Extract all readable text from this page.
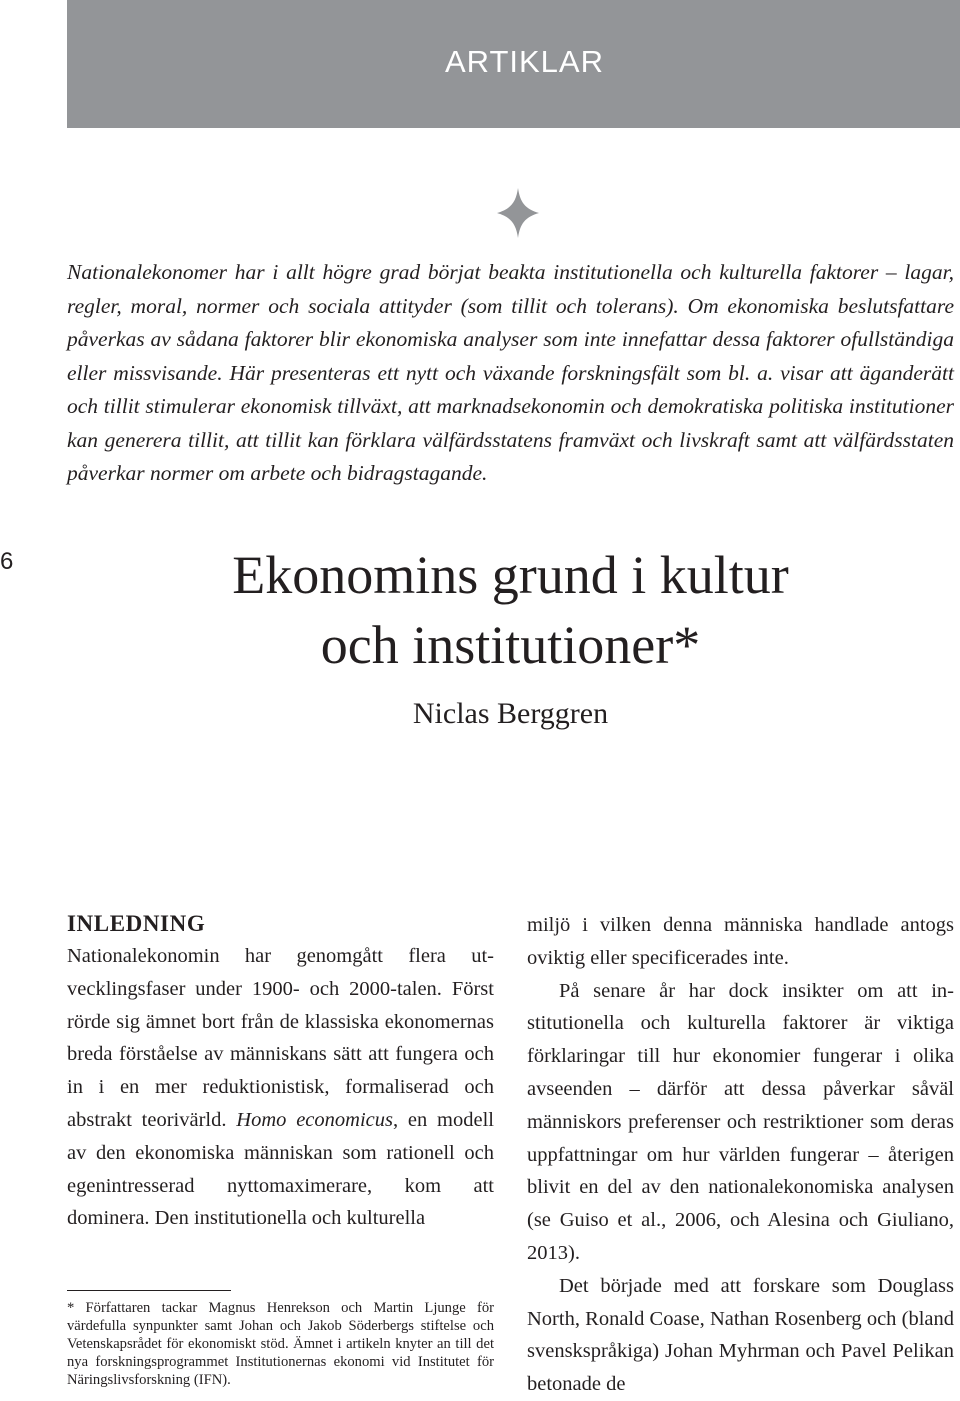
ARTIKLAR

Nationalekonomer har i allt högre grad börjat beakta institutionella och kulturella faktorer – lagar, regler, moral, normer och sociala attityder (som tillit och tolerans). Om ekonomiska beslutsfattare påverkas av sådana faktorer blir ekonomiska analyser som inte innefattar dessa faktorer ofullständiga eller missvisande. Här presenteras ett nytt och växande forskningsfält som bl. a. visar att äganderätt och tillit stimulerar ekonomisk tillväxt, att marknadsekonomin och demokratiska politiska institutioner kan generera tillit, att tillit kan förklara välfärdsstatens framväxt och livskraft samt att välfärdsstaten påverkar normer om arbete och bidragstagande.

6	Ekonomins grund i kultur
och institutioner*
Niclas Berggren
INLEDNING

Nationalekonomin har genomgått flera utvecklingsfaser under 1900- och 2000-talen. Först rörde sig ämnet bort från de klassiska ekonomernas breda förståelse av människans sätt att fungera och in i en mer reduktionistisk, formaliserad och abstrakt teorivärld. Homo economicus, en modell av den ekonomiska människan som rationell och egenintresserad nyttomaximerare, kom att dominera. Den institutionella och kulturella

miljö i vilken denna människa handlade antogs oviktig eller specificerades inte.

På senare år har dock insikter om att institutionella och kulturella faktorer är viktiga förklaringar till hur ekonomier fungerar i olika avseenden – därför att dessa påverkar såväl människors preferenser och restriktioner som deras uppfattningar om hur världen fungerar – återigen blivit en del av den nationalekonomiska analysen (se Guiso et al., 2006, och Alesina och Giuliano, 2013).

Det började med att forskare som Douglass North, Ronald Coase, Nathan Rosenberg och (bland svenskspråkiga) Johan Myhrman och Pavel Pelikan betonade de

* Författaren tackar Magnus Henrekson och Martin Ljunge för värdefulla synpunkter samt Johan och Jakob Söderbergs stiftelse och Vetenskapsrådet för ekonomiskt stöd. Ämnet i artikeln knyter an till det nya forskningsprogrammet Institutionernas ekonomi vid Institutet för Näringslivsforskning (IFN).
